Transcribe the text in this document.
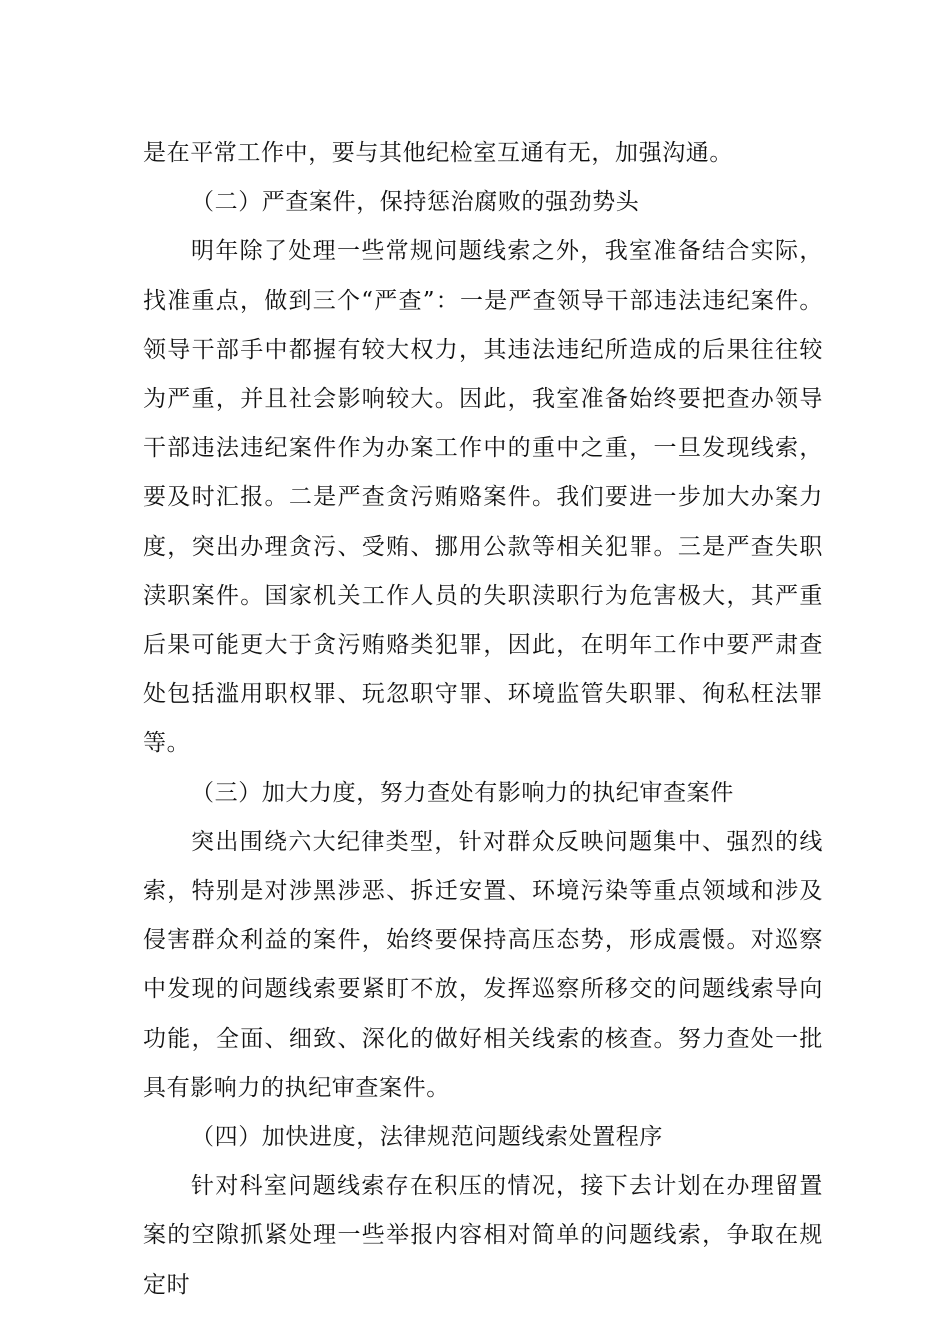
是在平常工作中，要与其他纪检室互通有无，加强沟通。

（二）严查案件，保持惩治腐败的强劲势头

明年除了处理一些常规问题线索之外，我室准备结合实际，找准重点，做到三个“严查”：一是严查领导干部违法违纪案件。领导干部手中都握有较大权力，其违法违纪所造成的后果往往较为严重，并且社会影响较大。因此，我室准备始终要把查办领导干部违法违纪案件作为办案工作中的重中之重，一旦发现线索，要及时汇报。二是严查贪污贿赂案件。我们要进一步加大办案力度，突出办理贪污、受贿、挪用公款等相关犯罪。三是严查失职渎职案件。国家机关工作人员的失职渎职行为危害极大，其严重后果可能更大于贪污贿赂类犯罪，因此，在明年工作中要严肃查处包括滥用职权罪、玩忽职守罪、环境监管失职罪、徇私枉法罪等。

（三）加大力度，努力查处有影响力的执纪审查案件

突出围绕六大纪律类型，针对群众反映问题集中、强烈的线索，特别是对涉黑涉恶、拆迁安置、环境污染等重点领域和涉及侵害群众利益的案件，始终要保持高压态势，形成震慑。对巡察中发现的问题线索要紧盯不放，发挥巡察所移交的问题线索导向功能，全面、细致、深化的做好相关线索的核查。努力查处一批具有影响力的执纪审查案件。

（四）加快进度，法律规范问题线索处置程序

针对科室问题线索存在积压的情况，接下去计划在办理留置案的空隙抓紧处理一些举报内容相对简单的问题线索，争取在规定时
